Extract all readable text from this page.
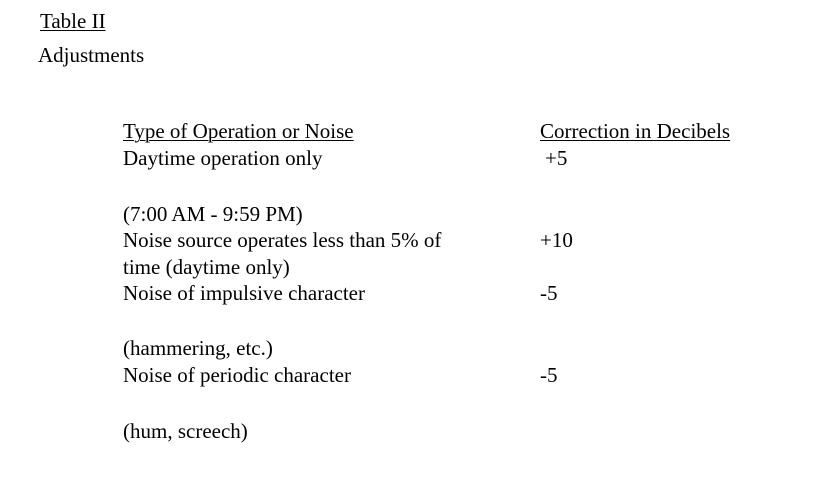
Table II
Adjustments
Type of Operation or Noise	Correction in Decibels
Daytime operation only	+5
(7:00 AM - 9:59 PM)
Noise source operates less than 5% of	+10
time (daytime only)
Noise of impulsive character	-5
(hammering, etc.)
Noise of periodic character	-5
(hum, screech)
